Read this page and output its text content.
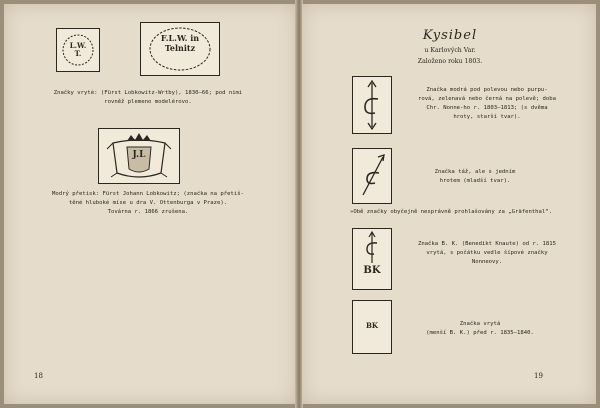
L.W. T.
F.L.W. in Telnitz
Značky vryté: (Fürst Lobkowitz-Wrtby), 1830—66; pod nimi
rovněž plemeno modelérovo.
J.L
Modrý přetisk: Fürst Johann Lobkowitz; (značka na přetiš-
těné hluboké míse u dra V. Ottenburga v Praze).
Továrna r. 1866 zrušena.
18
Kysibel
u Karlových Var.
Založeno roku 1803.
Značka modrá pod polevou nebo purpu-
rová, zelenavá nebo černá na polevě; doba
Chr. Nonne-ho r. 1803—1813; (s dvěma
hroty, starší tvar).
Značka táž, ale s jedním
hrotem (mladší tvar).
»Obě značky obyčejně nesprávně prohlašovány za „Gräfenthal“.
BK
Značka B. K. (Benedikt Knaute) od r. 1815
vrytá, s počátku vedle šípové značky
Nonneovy.
BK	Značka vrytá
(menší B. K.) před r. 1835—1840.
19
